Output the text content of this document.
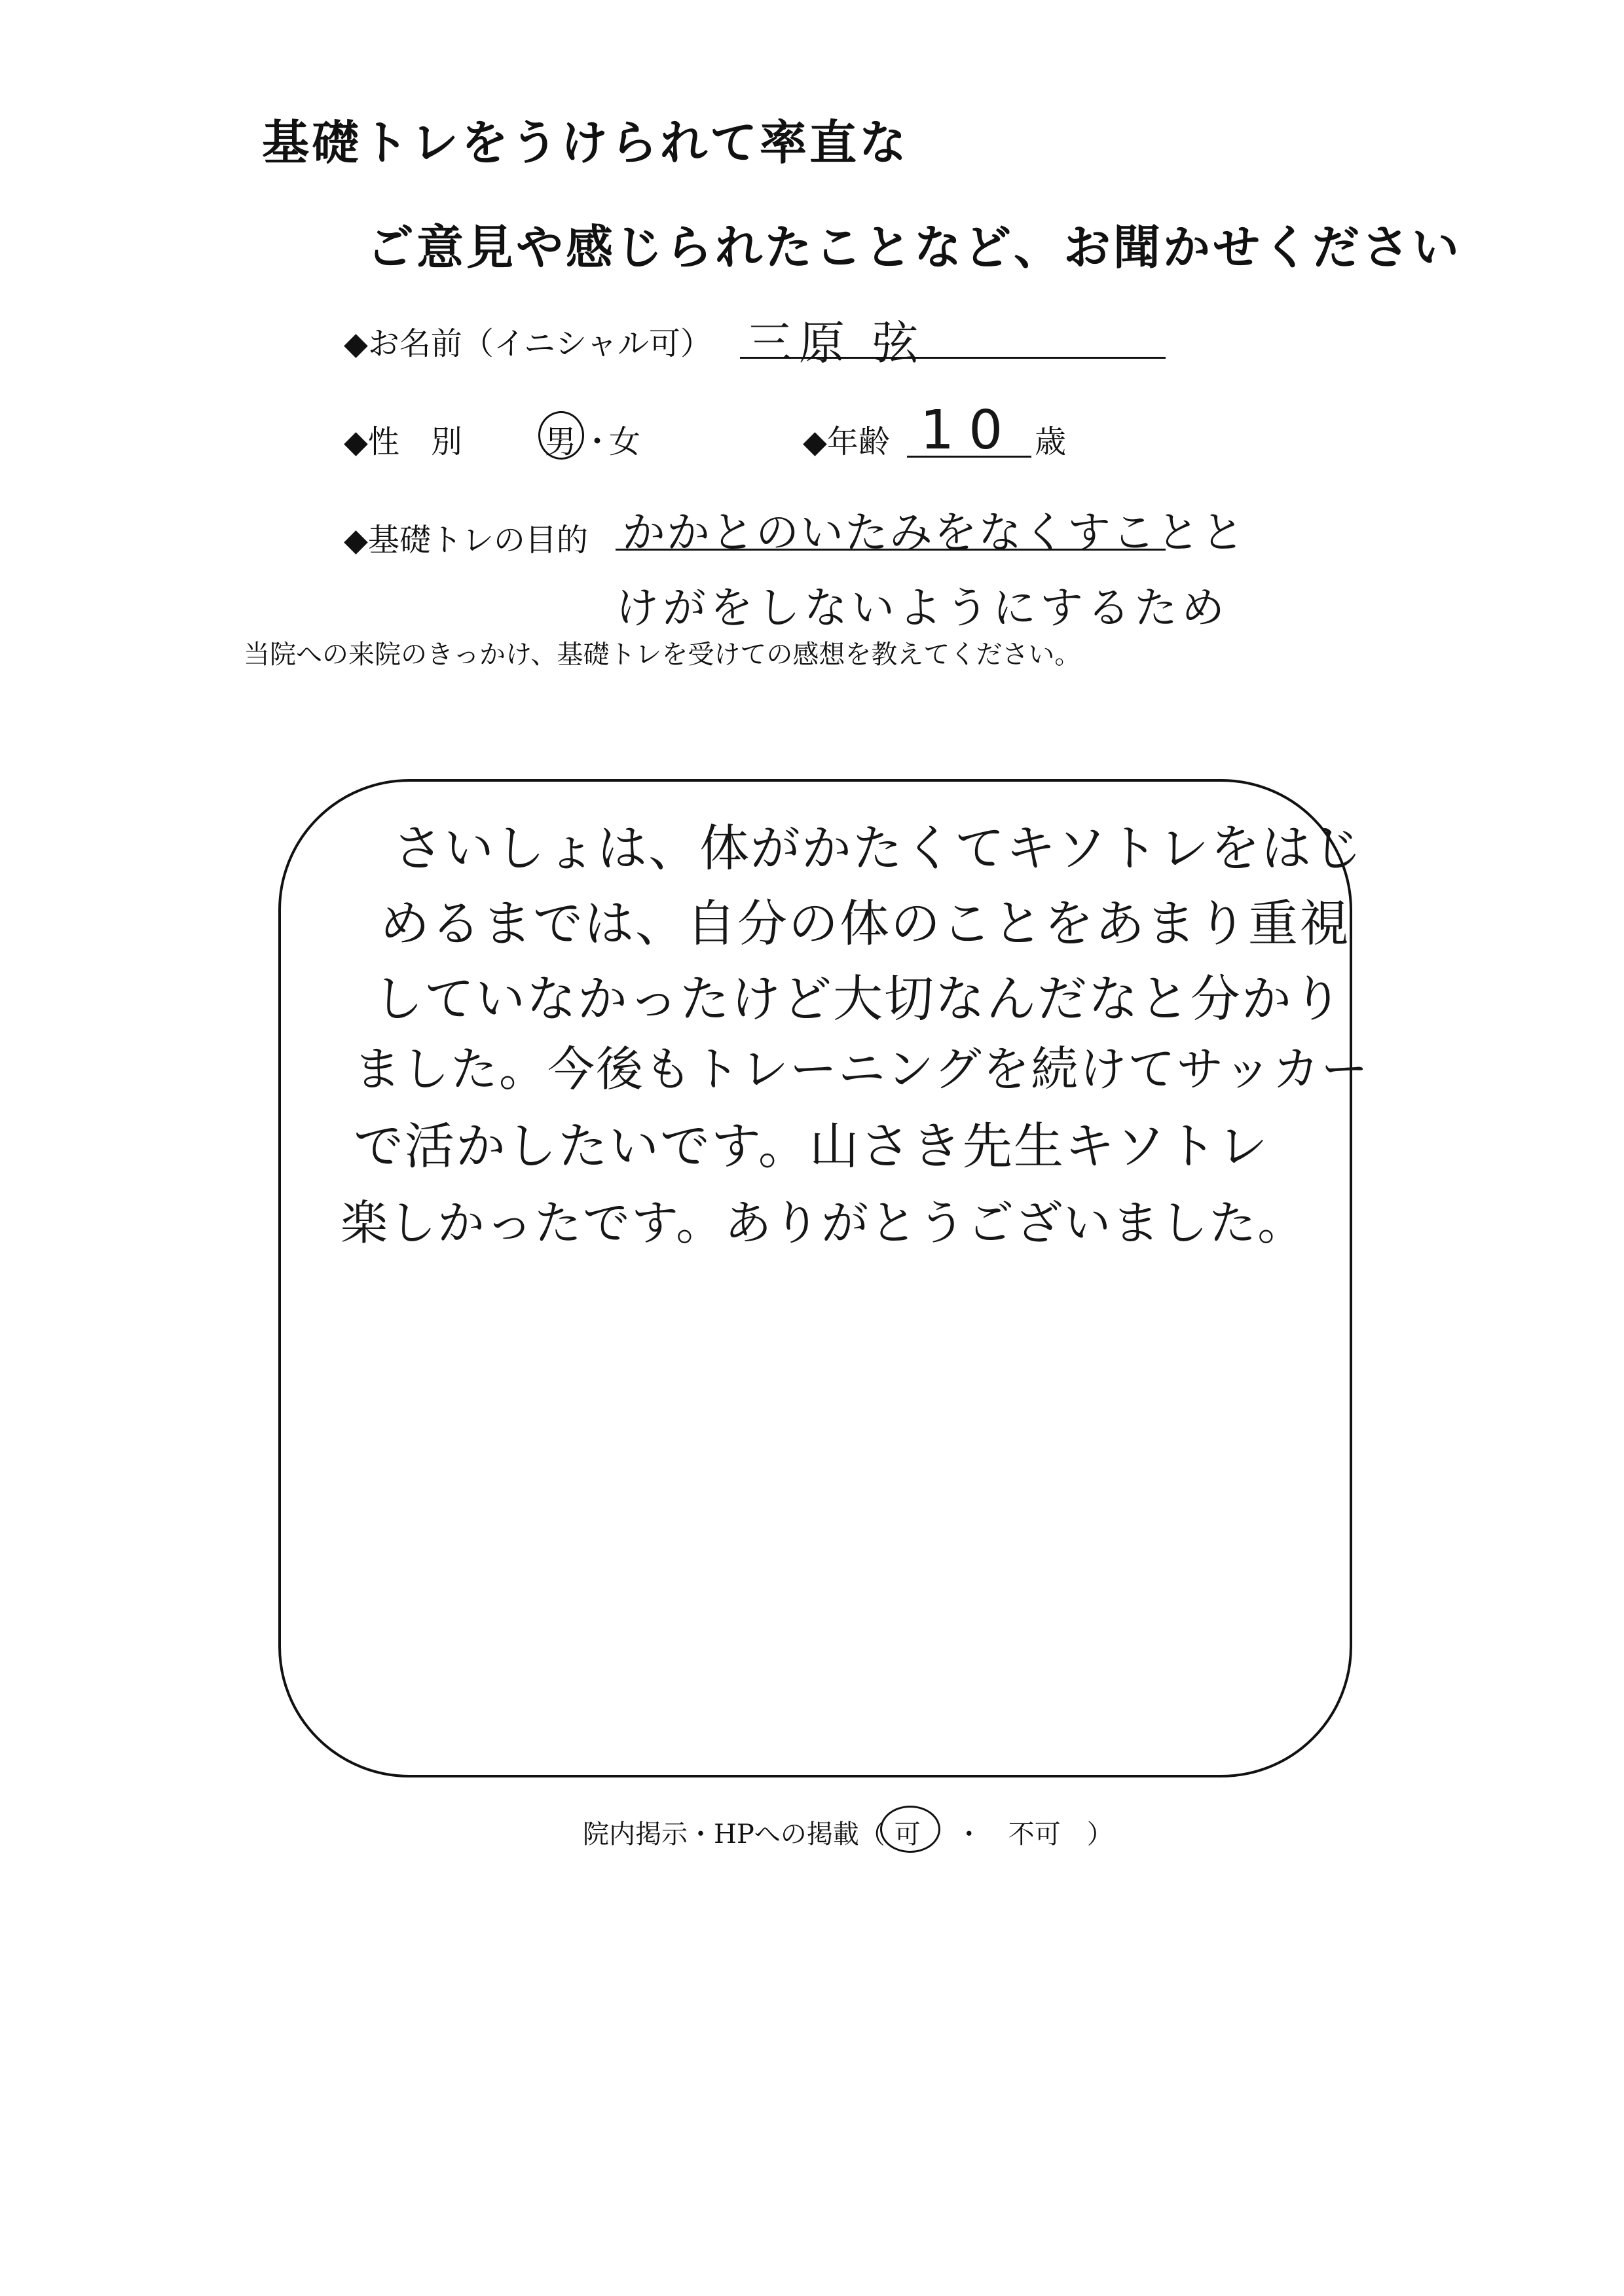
基礎トレをうけられて率直な
ご意見や感じられたことなど、お聞かせください
◆お名前（イニシャル可） 三原 弦
◆性　別	男 ・
女	◆年齢 10 歳
◆基礎トレの目的 かかとのいたみをなくすことと
けがをしないようにするため
当院への来院のきっかけ、基礎トレを受けての感想を教えてください。
さいしょは、体がかたくてキソトレをはじ
めるまでは、自分の体のことをあまり重視
していなかったけど大切なんだなと分かり
ました。今後もトレーニングを続けてサッカー
で活かしたいです。山さき先生キソトレ
楽しかったです。ありがとうございました。
院内掲示・HPへの掲載（ 可 ・ 不可 ）
